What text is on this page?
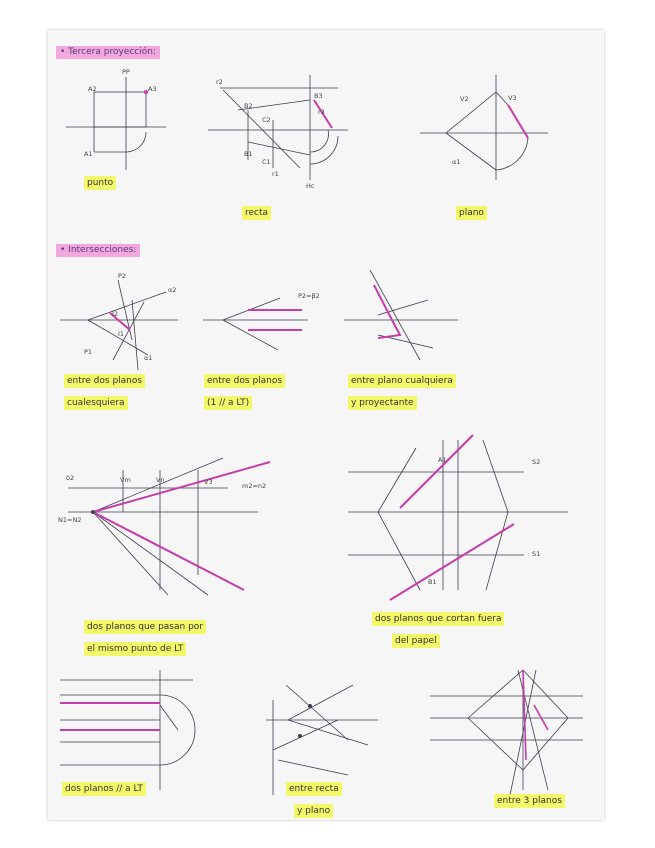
• Tercera proyección:
• Intersecciones:
A2	A3
PP
A1
r2
B2
C2
B3
r3
B1
C1
r1
Hc
V2	V3
α1
P2
α2
I2
I1
P1
α1
P2=β2
δ2	Vm	Vn	V3	m2=n2
N1=N2
S2
S1
A1
B1
punto
recta	plano
entre dos planos
cualesquiera
entre dos planos
(1 // a LT)
entre plano cualquiera
y proyectante
dos planos que pasan por
el mismo punto de LT
dos planos que cortan fuera
del papel
dos planos // a LT	entre recta
y plano
entre 3 planos
